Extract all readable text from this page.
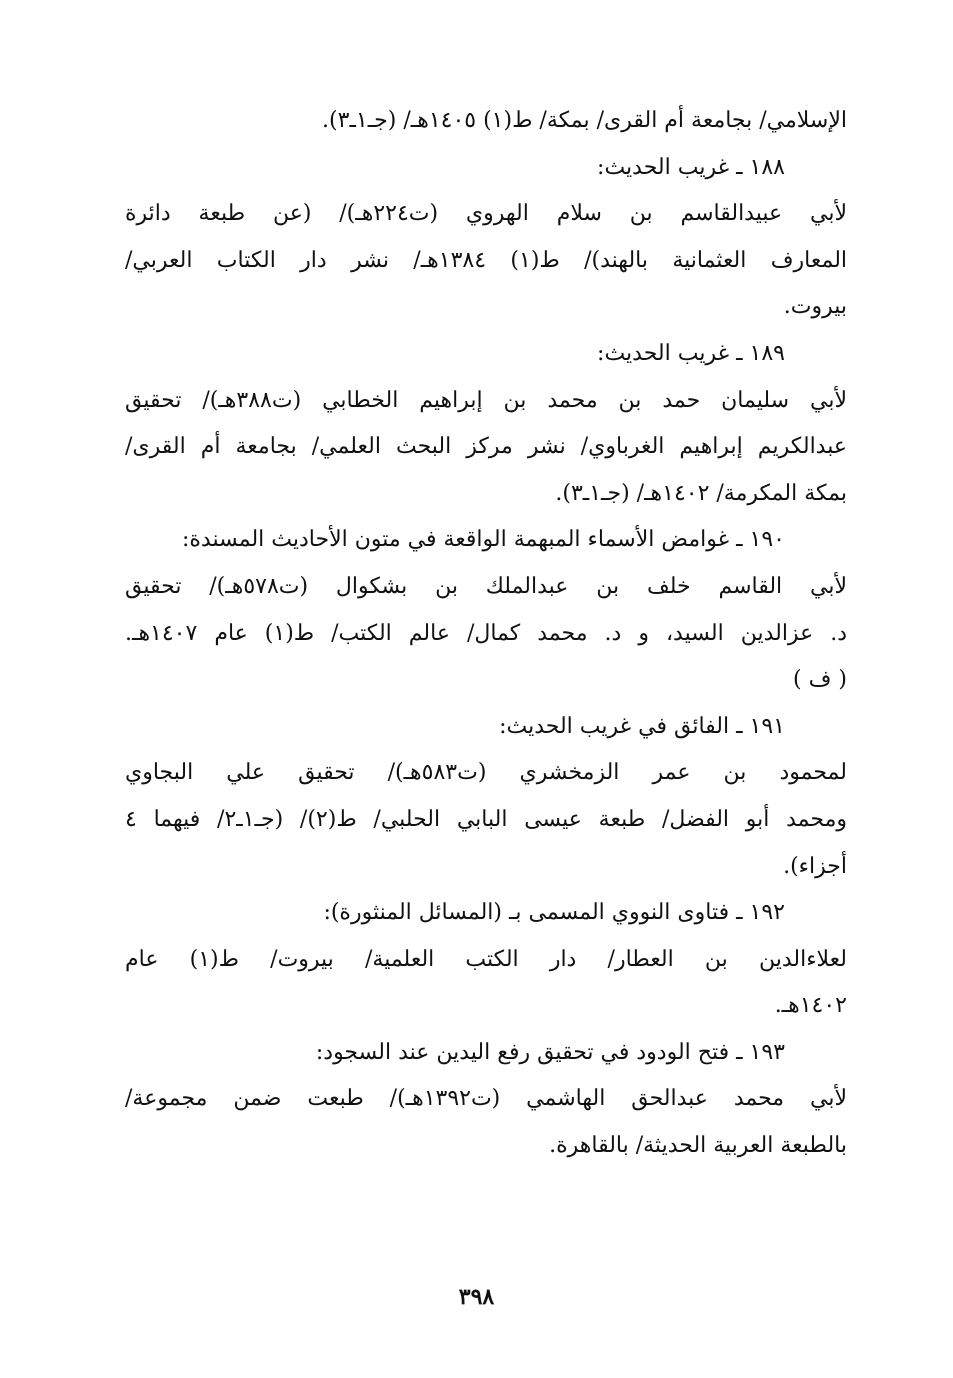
الإسلامي/ بجامعة أم القرى/ بمكة/ ط(١) ١٤٠٥هـ/ (جـ١ـ٣).
١٨٨ ـ غريب الحديث:
لأبي عبيدالقاسم بن سلام الهروي (ت٢٢٤هـ)/ (عن طبعة دائرة
المعارف العثمانية بالهند)/ ط(١) ١٣٨٤هـ/ نشر دار الكتاب العربي/
بيروت.
١٨٩ ـ غريب الحديث:
لأبي سليمان حمد بن محمد بن إبراهيم الخطابي (ت٣٨٨هـ)/ تحقيق
عبدالكريم إبراهيم الغرباوي/ نشر مركز البحث العلمي/ بجامعة أم القرى/
بمكة المكرمة/ ١٤٠٢هـ/ (جـ١ـ٣).
١٩٠ ـ غوامض الأسماء المبهمة الواقعة في متون الأحاديث المسندة:
لأبي القاسم خلف بن عبدالملك بن بشكوال (ت٥٧٨هـ)/ تحقيق
د. عزالدين السيد، و د. محمد كمال/ عالم الكتب/ ط(١) عام ١٤٠٧هـ.
( ف )
١٩١ ـ الفائق في غريب الحديث:
لمحمود بن عمر الزمخشري (ت٥٨٣هـ)/ تحقيق علي البجاوي
ومحمد أبو الفضل/ طبعة عيسى البابي الحلبي/ ط(٢)/ (جـ١ـ٢/ فيهما ٤
أجزاء).
١٩٢ ـ فتاوى النووي المسمى بـ (المسائل المنثورة):
لعلاءالدين بن العطار/ دار الكتب العلمية/ بيروت/ ط(١) عام
١٤٠٢هـ.
١٩٣ ـ فتح الودود في تحقيق رفع اليدين عند السجود:
لأبي محمد عبدالحق الهاشمي (ت١٣٩٢هـ)/ طبعت ضمن مجموعة/
بالطبعة العربية الحديثة/ بالقاهرة.
٣٩٨
